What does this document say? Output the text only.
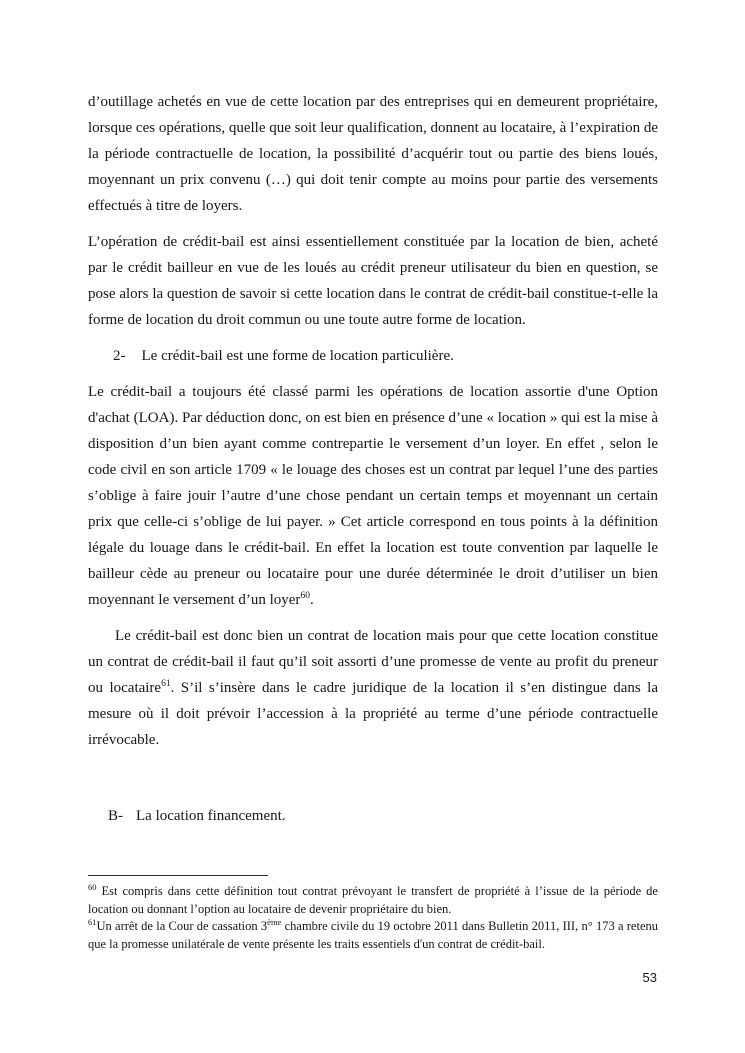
d’outillage achetés en vue de cette location par des entreprises qui en demeurent propriétaire, lorsque ces opérations, quelle que soit leur qualification, donnent au locataire, à l’expiration de la période contractuelle de location, la possibilité d’acquérir tout ou partie des biens loués, moyennant un prix convenu (…) qui doit tenir compte au moins pour partie des versements effectués à titre de loyers.

L’opération de crédit-bail est ainsi essentiellement constituée par la location de bien, acheté par le crédit bailleur en vue de les loués au crédit preneur utilisateur du bien en question, se pose alors la question de savoir si cette location dans le contrat de crédit-bail constitue-t-elle la forme de location du droit commun ou une toute autre forme de location.

2- Le crédit-bail est une forme de location particulière.

Le crédit-bail a toujours été classé parmi les opérations de location assortie d'une Option d'achat (LOA). Par déduction donc, on est bien en présence d’une « location » qui est la mise à disposition d’un bien ayant comme contrepartie le versement d’un loyer. En effet , selon le code civil en son article 1709 « le louage des choses est un contrat par lequel l’une des parties s’oblige à faire jouir l’autre d’une chose pendant un certain temps et moyennant un certain prix que celle-ci s’oblige de lui payer. » Cet article correspond en tous points à la définition légale du louage dans le crédit-bail. En effet la location est toute convention par laquelle le bailleur cède au preneur ou locataire pour une durée déterminée le droit d’utiliser un bien moyennant le versement d’un loyer$^{60}$.

Le crédit-bail est donc bien un contrat de location mais pour que cette location constitue un contrat de crédit-bail il faut qu’il soit assorti d’une promesse de vente au profit du preneur ou locataire$^{61}$. S’il s’insère dans le cadre juridique de la location il s’en distingue dans la mesure où il doit prévoir l’accession à la propriété au terme d’une période contractuelle irrévocable.

B- La location financement.

$^{60}$ Est compris dans cette définition tout contrat prévoyant le transfert de propriété à l’issue de la période de location ou donnant l’option au locataire de devenir propriétaire du bien.

$^{61}$Un arrêt de la Cour de cassation 3ème chambre civile du 19 octobre 2011 dans Bulletin 2011, III, n° 173 a retenu que la promesse unilatérale de vente présente les traits essentiels d'un contrat de crédit-bail.

53
